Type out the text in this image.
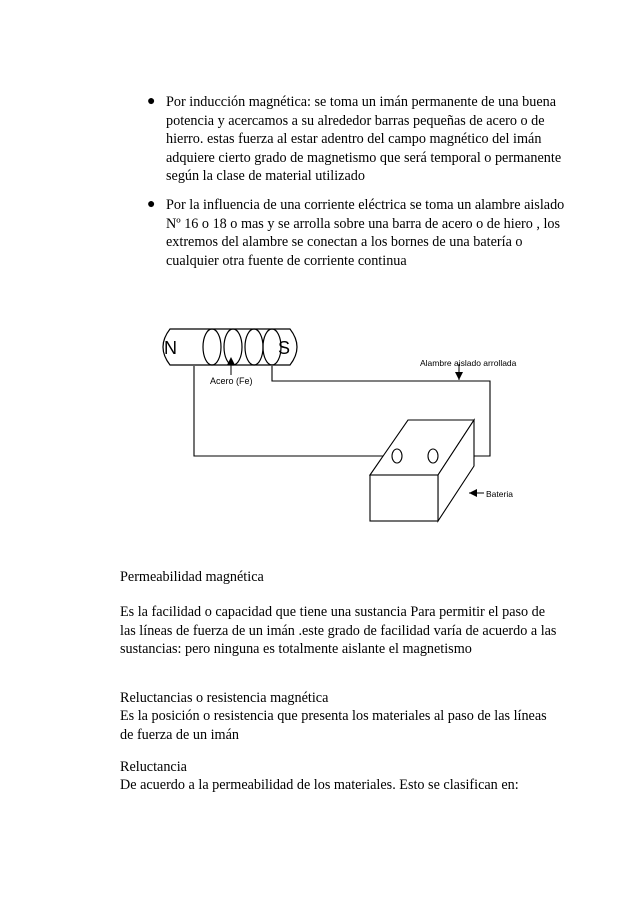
● Por inducción magnética: se toma un imán permanente de una buena potencia y acercamos a su alrededor barras pequeñas de acero o de hierro. estas fuerza al estar adentro del campo magnético del imán adquiere cierto grado de magnetismo que será temporal o permanente según la clase de material utilizado
● Por la influencia de una corriente eléctrica se toma un alambre aislado Nº 16 o 18 o mas y se arrolla sobre una barra de acero o de hiero , los extremos del alambre se conectan a los bornes de una batería o cualquier otra fuente de corriente continua
N	S
Acero (Fe)
Alambre aislado arrollada
Bateria
Permeabilidad magnética
Es la facilidad o capacidad que tiene una sustancia Para permitir el paso de las líneas de fuerza de un imán .este grado de facilidad varía de acuerdo a las sustancias: pero ninguna es totalmente aislante el magnetismo
Reluctancias o resistencia magnética
Es la posición o resistencia que presenta los materiales al paso de las líneas de fuerza de un imán
Reluctancia
De acuerdo a la permeabilidad de los materiales. Esto se clasifican en:
